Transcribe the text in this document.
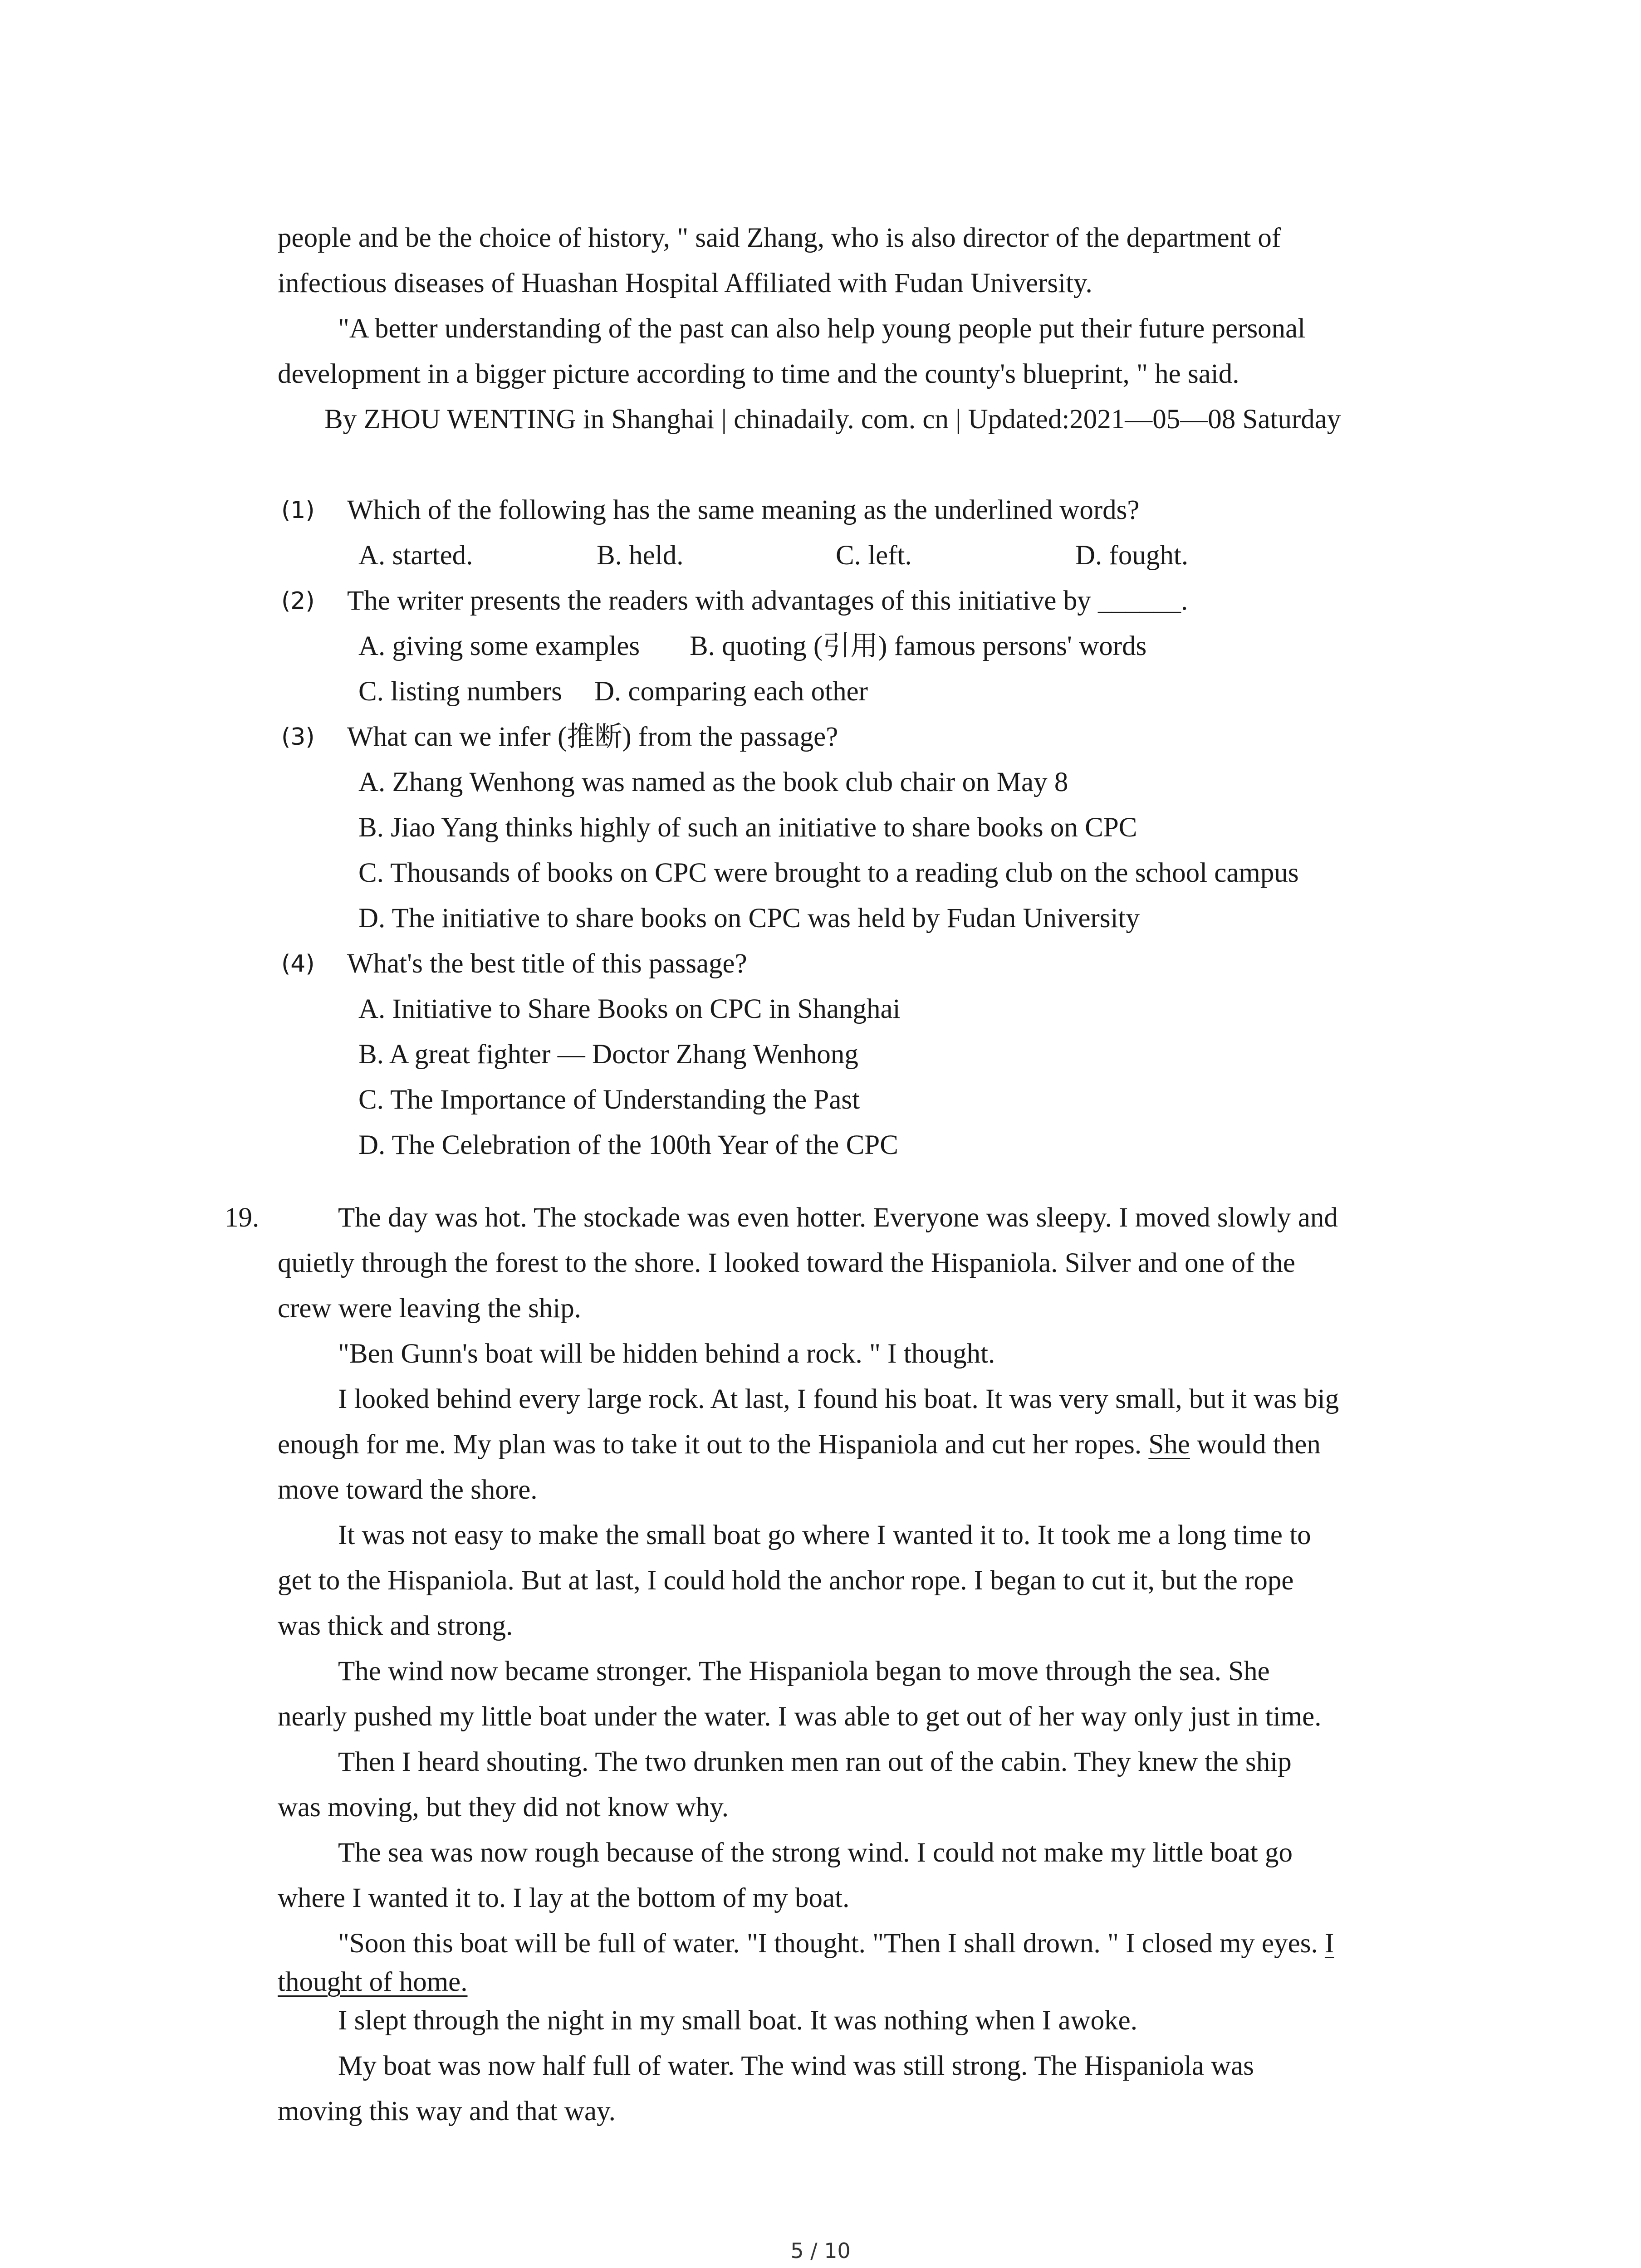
people and be the choice of history, " said Zhang, who is also director of the department of
infectious diseases of Huashan Hospital Affiliated with Fudan University.
"A better understanding of the past can also help young people put their future personal
development in a bigger picture according to time and the county's blueprint, " he said.
By ZHOU WENTING in Shanghai | chinadaily. com. cn | Updated:2021—05—08 Saturday
(1) Which of the following has the same meaning as the underlined words?
A. started.	B. held.	C. left.	D. fought.
(2) The writer presents the readers with advantages of this initiative by ______.
A. giving some examples B. quoting (引用) famous persons' words
C. listing numbers D. comparing each other
(3) What can we infer (推断) from the passage?
A. Zhang Wenhong was named as the book club chair on May 8
B. Jiao Yang thinks highly of such an initiative to share books on CPC
C. Thousands of books on CPC were brought to a reading club on the school campus
D. The initiative to share books on CPC was held by Fudan University
(4) What's the best title of this passage?
A. Initiative to Share Books on CPC in Shanghai
B. A great fighter — Doctor Zhang Wenhong
C. The Importance of Understanding the Past
D. The Celebration of the 100th Year of the CPC
19.	The day was hot. The stockade was even hotter. Everyone was sleepy. I moved slowly and
quietly through the forest to the shore. I looked toward the Hispaniola. Silver and one of the
crew were leaving the ship.
"Ben Gunn's boat will be hidden behind a rock. " I thought.
I looked behind every large rock. At last, I found his boat. It was very small, but it was big
enough for me. My plan was to take it out to the Hispaniola and cut her ropes. She would then
move toward the shore.
It was not easy to make the small boat go where I wanted it to. It took me a long time to
get to the Hispaniola. But at last, I could hold the anchor rope. I began to cut it, but the rope
was thick and strong.
The wind now became stronger. The Hispaniola began to move through the sea. She
nearly pushed my little boat under the water. I was able to get out of her way only just in time.
Then I heard shouting. The two drunken men ran out of the cabin. They knew the ship
was moving, but they did not know why.
The sea was now rough because of the strong wind. I could not make my little boat go
where I wanted it to. I lay at the bottom of my boat.
"Soon this boat will be full of water. "I thought. "Then I shall drown. " I closed my eyes. I
thought of home.
I slept through the night in my small boat. It was nothing when I awoke.
My boat was now half full of water. The wind was still strong. The Hispaniola was
moving this way and that way.
5 / 10
